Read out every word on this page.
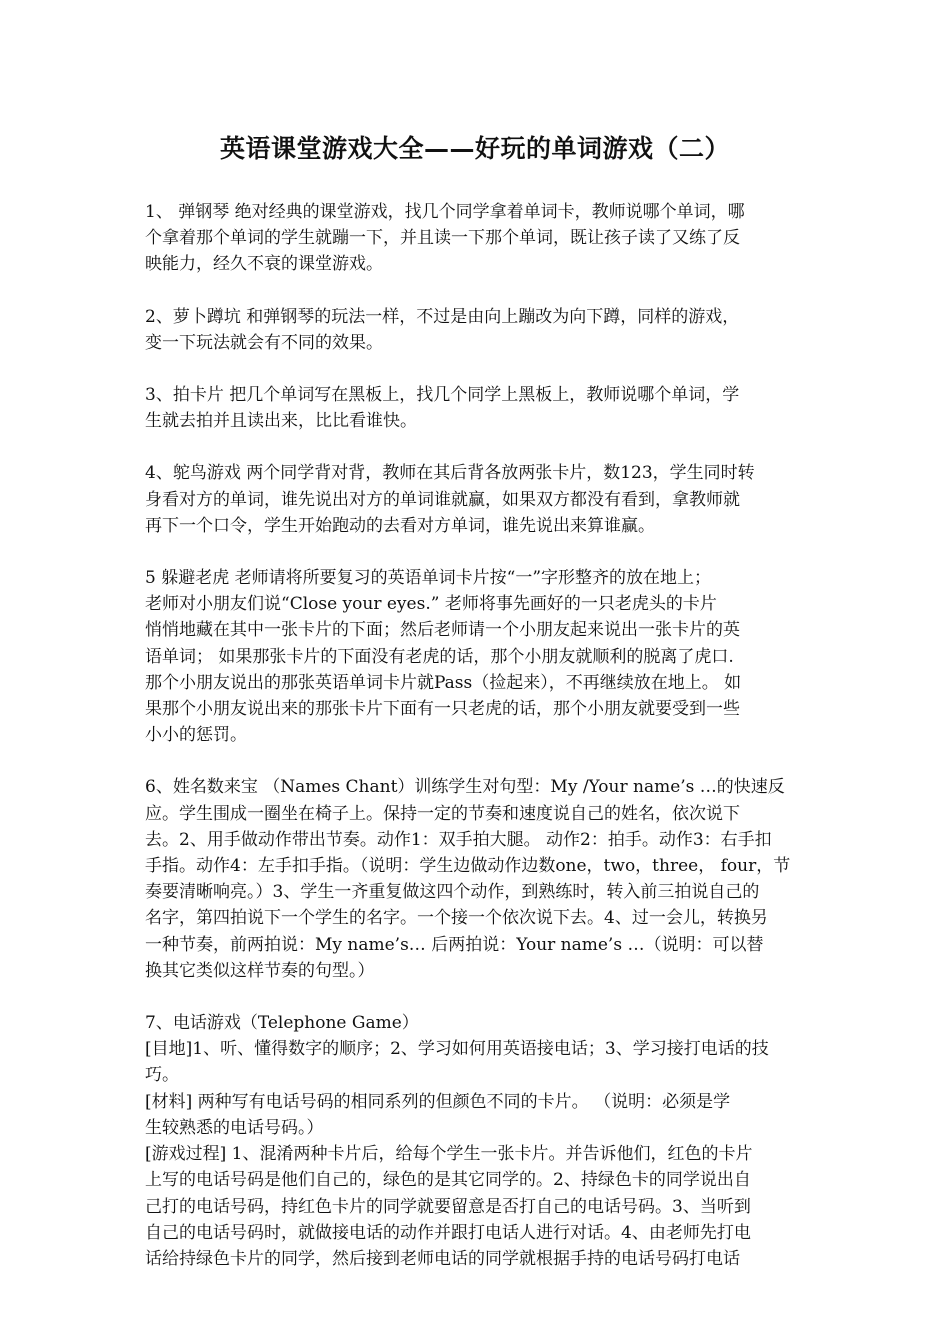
英语课堂游戏大全——好玩的单词游戏（二）
1、 弹钢琴 绝对经典的课堂游戏，找几个同学拿着单词卡，教师说哪个单词，哪
个拿着那个单词的学生就蹦一下，并且读一下那个单词，既让孩子读了又练了反
映能力，经久不衰的课堂游戏。
2、萝卜蹲坑 和弹钢琴的玩法一样，不过是由向上蹦改为向下蹲，同样的游戏，
变一下玩法就会有不同的效果。
3、拍卡片 把几个单词写在黑板上，找几个同学上黑板上，教师说哪个单词，学
生就去拍并且读出来，比比看谁快。
4、鸵鸟游戏 两个同学背对背，教师在其后背各放两张卡片，数123，学生同时转
身看对方的单词，谁先说出对方的单词谁就赢，如果双方都没有看到，拿教师就
再下一个口令，学生开始跑动的去看对方单词，谁先说出来算谁赢。
5 躲避老虎 老师请将所要复习的英语单词卡片按“一”字形整齐的放在地上；
老师对小朋友们说“Close your eyes.” 老师将事先画好的一只老虎头的卡片
悄悄地藏在其中一张卡片的下面；然后老师请一个小朋友起来说出一张卡片的英
语单词； 如果那张卡片的下面没有老虎的话，那个小朋友就顺利的脱离了虎口.
那个小朋友说出的那张英语单词卡片就Pass（捡起来），不再继续放在地上。 如
果那个小朋友说出来的那张卡片下面有一只老虎的话，那个小朋友就要受到一些
小小的惩罚。
6、姓名数来宝 （Names Chant）训练学生对句型：My /Your name’s …的快速反
应。学生围成一圈坐在椅子上。保持一定的节奏和速度说自己的姓名，依次说下
去。2、用手做动作带出节奏。动作1：双手拍大腿。 动作2：拍手。动作3：右手扣
手指。动作4：左手扣手指。（说明：学生边做动作边数one，two，three， four，节
奏要清晰响亮。）3、学生一齐重复做这四个动作，到熟练时，转入前三拍说自己的
名字，第四拍说下一个学生的名字。一个接一个依次说下去。4、过一会儿，转换另
一种节奏，前两拍说：My name’s… 后两拍说：Your name’s …（说明：可以替
换其它类似这样节奏的句型。）
7、电话游戏（Telephone Game）
[目地]1、听、懂得数字的顺序；2、学习如何用英语接电话；3、学习接打电话的技
巧。
[材料] 两种写有电话号码的相同系列的但颜色不同的卡片。 （说明：必须是学
生较熟悉的电话号码。）
[游戏过程] 1、混淆两种卡片后，给每个学生一张卡片。并告诉他们，红色的卡片
上写的电话号码是他们自己的，绿色的是其它同学的。2、持绿色卡的同学说出自
己打的电话号码，持红色卡片的同学就要留意是否打自己的电话号码。3、当听到
自己的电话号码时，就做接电话的动作并跟打电话人进行对话。4、由老师先打电
话给持绿色卡片的同学，然后接到老师电话的同学就根据手持的电话号码打电话
